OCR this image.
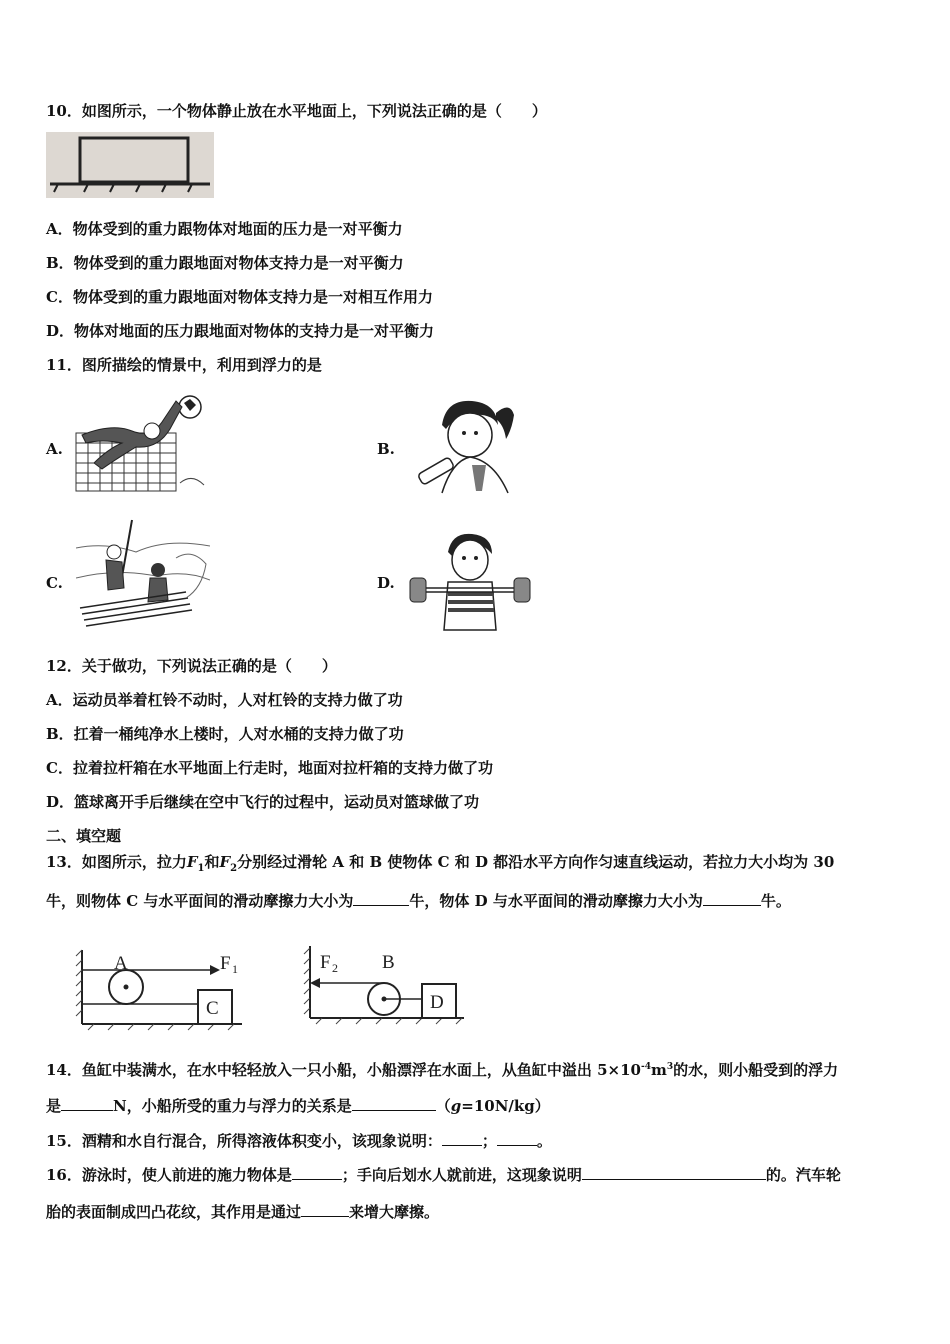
10．如图所示，一个物体静止放在水平地面上，下列说法正确的是（　　）
A．物体受到的重力跟物体对地面的压力是一对平衡力
B．物体受到的重力跟地面对物体支持力是一对平衡力
C．物体受到的重力跟地面对物体支持力是一对相互作用力
D．物体对地面的压力跟地面对物体的支持力是一对平衡力
11．图所描绘的情景中，利用到浮力的是
A.	B.
C.	D.
12．关于做功，下列说法正确的是（　　）
A．运动员举着杠铃不动时，人对杠铃的支持力做了功
B．扛着一桶纯净水上楼时，人对水桶的支持力做了功
C．拉着拉杆箱在水平地面上行走时，地面对拉杆箱的支持力做了功
D．篮球离开手后继续在空中飞行的过程中，运动员对篮球做了功
二、填空题
13．如图所示，拉力$F_1$和$F_2$分别经过滑轮 A 和 B 使物体 C 和 D 都沿水平方向作匀速直线运动，若拉力大小均为 30
牛，则物体 C 与水平面间的滑动摩擦力大小为	牛，物体 D 与水平面间的滑动摩擦力大小为	牛。
A	F 1
C
F 2 B
D
14．鱼缸中装满水，在水中轻轻放入一只小船，小船漂浮在水面上，从鱼缸中溢出 $5\times 10^{-4}m^3$的水，则小船受到的浮力
是	N，小船所受的重力与浮力的关系是	（g=10N/kg）
15．酒精和水自行混合，所得溶液体积变小，该现象说明：	；	。
16．游泳时，使人前进的施力物体是	；手向后划水人就前进，这现象说明	的。汽车轮
胎的表面制成凹凸花纹，其作用是通过	来增大摩擦。
